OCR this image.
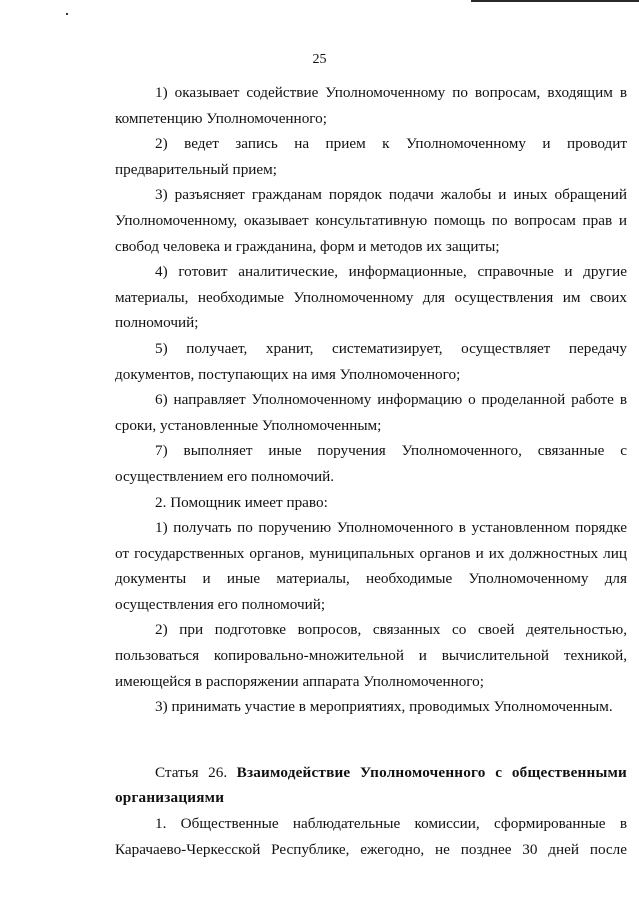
25

1) оказывает содействие Уполномоченному по вопросам, входящим в компетенцию Уполномоченного;

2) ведет запись на прием к Уполномоченному и проводит предварительный прием;

3) разъясняет гражданам порядок подачи жалобы и иных обращений Уполномоченному, оказывает консультативную помощь по вопросам прав и свобод человека и гражданина, форм и методов их защиты;

4) готовит аналитические, информационные, справочные и другие материалы, необходимые Уполномоченному для осуществления им своих полномочий;

5) получает, хранит, систематизирует, осуществляет передачу документов, поступающих на имя Уполномоченного;

6) направляет Уполномоченному информацию о проделанной работе в сроки, установленные Уполномоченным;

7) выполняет иные поручения Уполномоченного, связанные с осуществлением его полномочий.

2. Помощник имеет право:

1) получать по поручению Уполномоченного в установленном порядке от государственных органов, муниципальных органов и их должностных лиц документы и иные материалы, необходимые Уполномоченному для осуществления его полномочий;

2) при подготовке вопросов, связанных со своей деятельностью, пользоваться копировально-множительной и вычислительной техникой, имеющейся в распоряжении аппарата Уполномоченного;

3) принимать участие в мероприятиях, проводимых Уполномоченным.

Статья 26. Взаимодействие Уполномоченного с общественными организациями

1. Общественные наблюдательные комиссии, сформированные в Карачаево-Черкесской Республике, ежегодно, не позднее 30 дней после
